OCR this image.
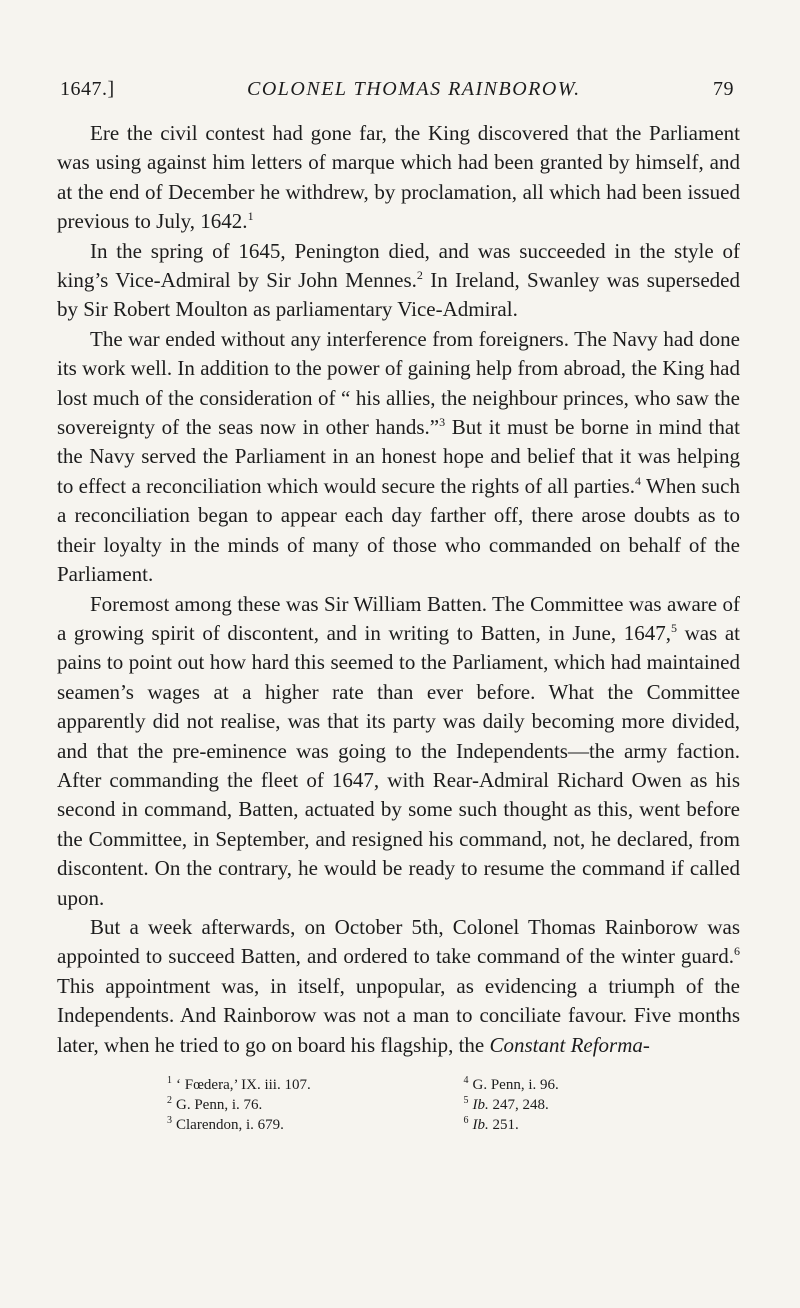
1647.]	COLONEL THOMAS RAINBOROW.	79

Ere the civil contest had gone far, the King discovered that the Parliament was using against him letters of marque which had been granted by himself, and at the end of December he withdrew, by proclamation, all which had been issued previous to July, 1642.$^1$

In the spring of 1645, Penington died, and was succeeded in the style of king’s Vice-Admiral by Sir John Mennes.$^2$ In Ireland, Swanley was superseded by Sir Robert Moulton as parliamentary Vice-Admiral.

The war ended without any interference from foreigners. The Navy had done its work well. In addition to the power of gaining help from abroad, the King had lost much of the consideration of “ his allies, the neighbour princes, who saw the sovereignty of the seas now in other hands.”$^3$ But it must be borne in mind that the Navy served the Parliament in an honest hope and belief that it was helping to effect a reconciliation which would secure the rights of all parties.$^4$ When such a reconciliation began to appear each day farther off, there arose doubts as to their loyalty in the minds of many of those who commanded on behalf of the Parliament.

Foremost among these was Sir William Batten. The Committee was aware of a growing spirit of discontent, and in writing to Batten, in June, 1647,$^5$ was at pains to point out how hard this seemed to the Parliament, which had maintained seamen’s wages at a higher rate than ever before. What the Committee apparently did not realise, was that its party was daily becoming more divided, and that the pre-eminence was going to the Independents—the army faction. After commanding the fleet of 1647, with Rear-Admiral Richard Owen as his second in command, Batten, actuated by some such thought as this, went before the Committee, in September, and resigned his command, not, he declared, from discontent. On the contrary, he would be ready to resume the command if called upon.

But a week afterwards, on October 5th, Colonel Thomas Rainborow was appointed to succeed Batten, and ordered to take command of the winter guard.$^6$ This appointment was, in itself, unpopular, as evidencing a triumph of the Independents. And Rainborow was not a man to conciliate favour. Five months later, when he tried to go on board his flagship, the Constant Reforma-

$^1$ ‘ Fœdera,’ IX. iii. 107.	$^4$ G. Penn, i. 96.
$^2$ G. Penn, i. 76.	$^5$ Ib. 247, 248.
$^3$ Clarendon, i. 679.	$^6$ Ib. 251.
